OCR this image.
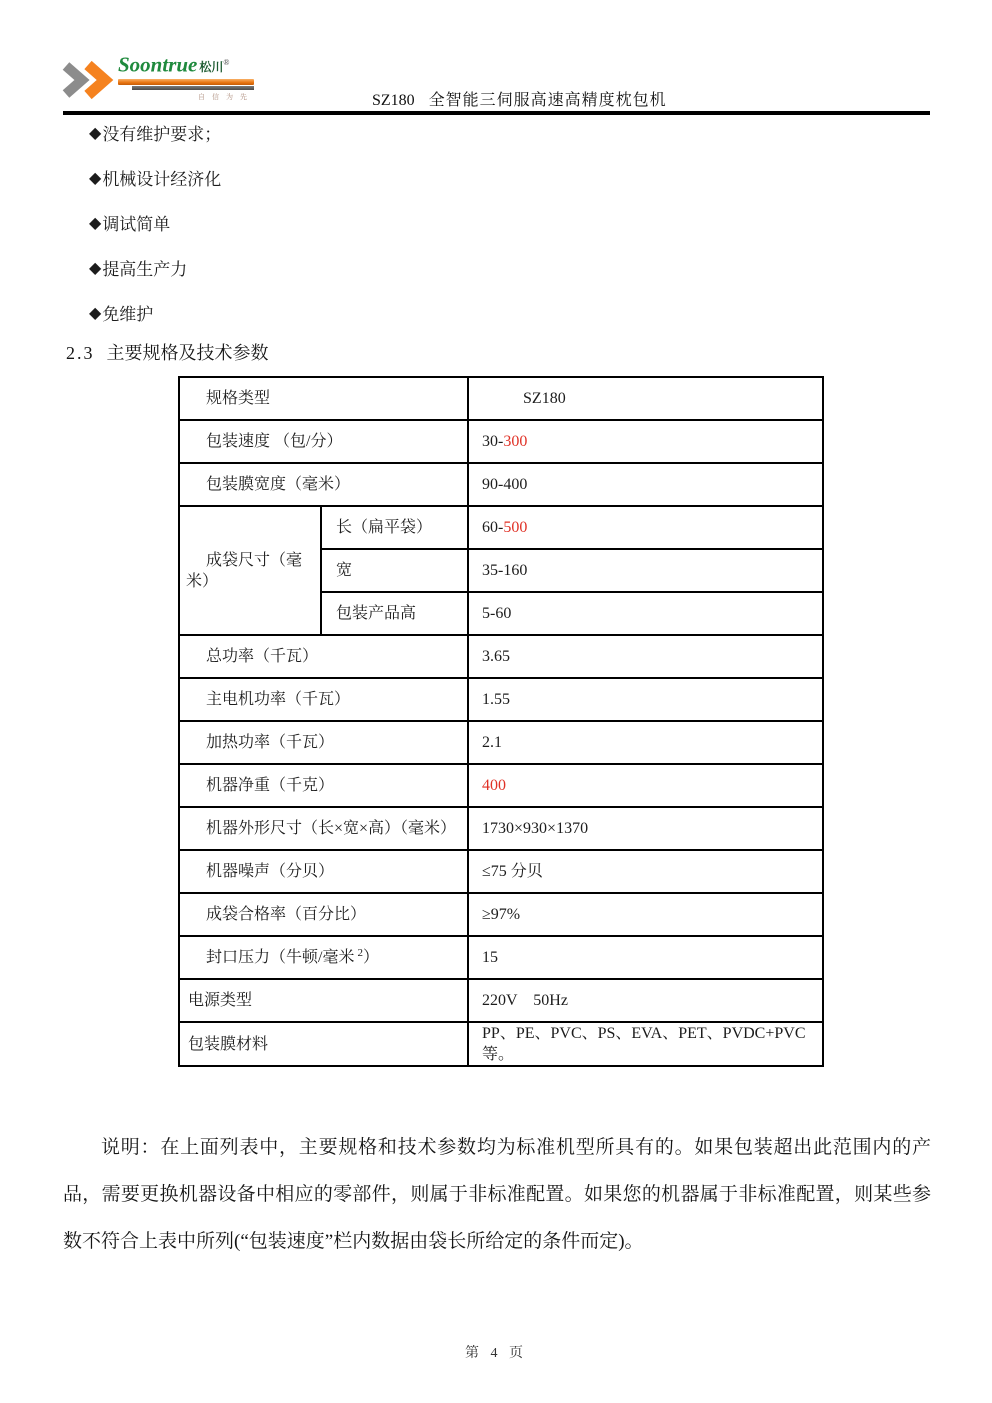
Soontrue 松川®
自信为先	SZ180 全智能三伺服高速高精度枕包机
◆ 没有维护要求；
◆ 机械设计经济化
◆ 调试简单
◆ 提高生产力
◆ 免维护
2.3 主要规格及技术参数
规格类型		SZ180
包装速度 （包/分）		30-300
包装膜宽度（毫米）		90-400
成袋尺寸（毫米）	长（扁平袋）	60-500
	宽	35-160
	包装产品高	5-60
总功率（千瓦）		3.65
主电机功率（千瓦）		1.55
加热功率（千瓦）		2.1
机器净重（千克）		400
机器外形尺寸（长×宽×高）（毫米）		1730×930×1370
机器噪声（分贝）		≤75 分贝
成袋合格率（百分比）		≥97%
封口压力（牛顿/毫米 $^2$）		15
电源类型		220V　50Hz
包装膜材料		PP、PE、PVC、PS、EVA、PET、PVDC+PVC 等。

说明：在上面列表中，主要规格和技术参数均为标准机型所具有的。如果包装超出此范围内的产品，需要更换机器设备中相应的零部件，则属于非标准配置。如果您的机器属于非标准配置，则某些参数不符合上表中所列(“包装速度”栏内数据由袋长所给定的条件而定)。

第 4 页
